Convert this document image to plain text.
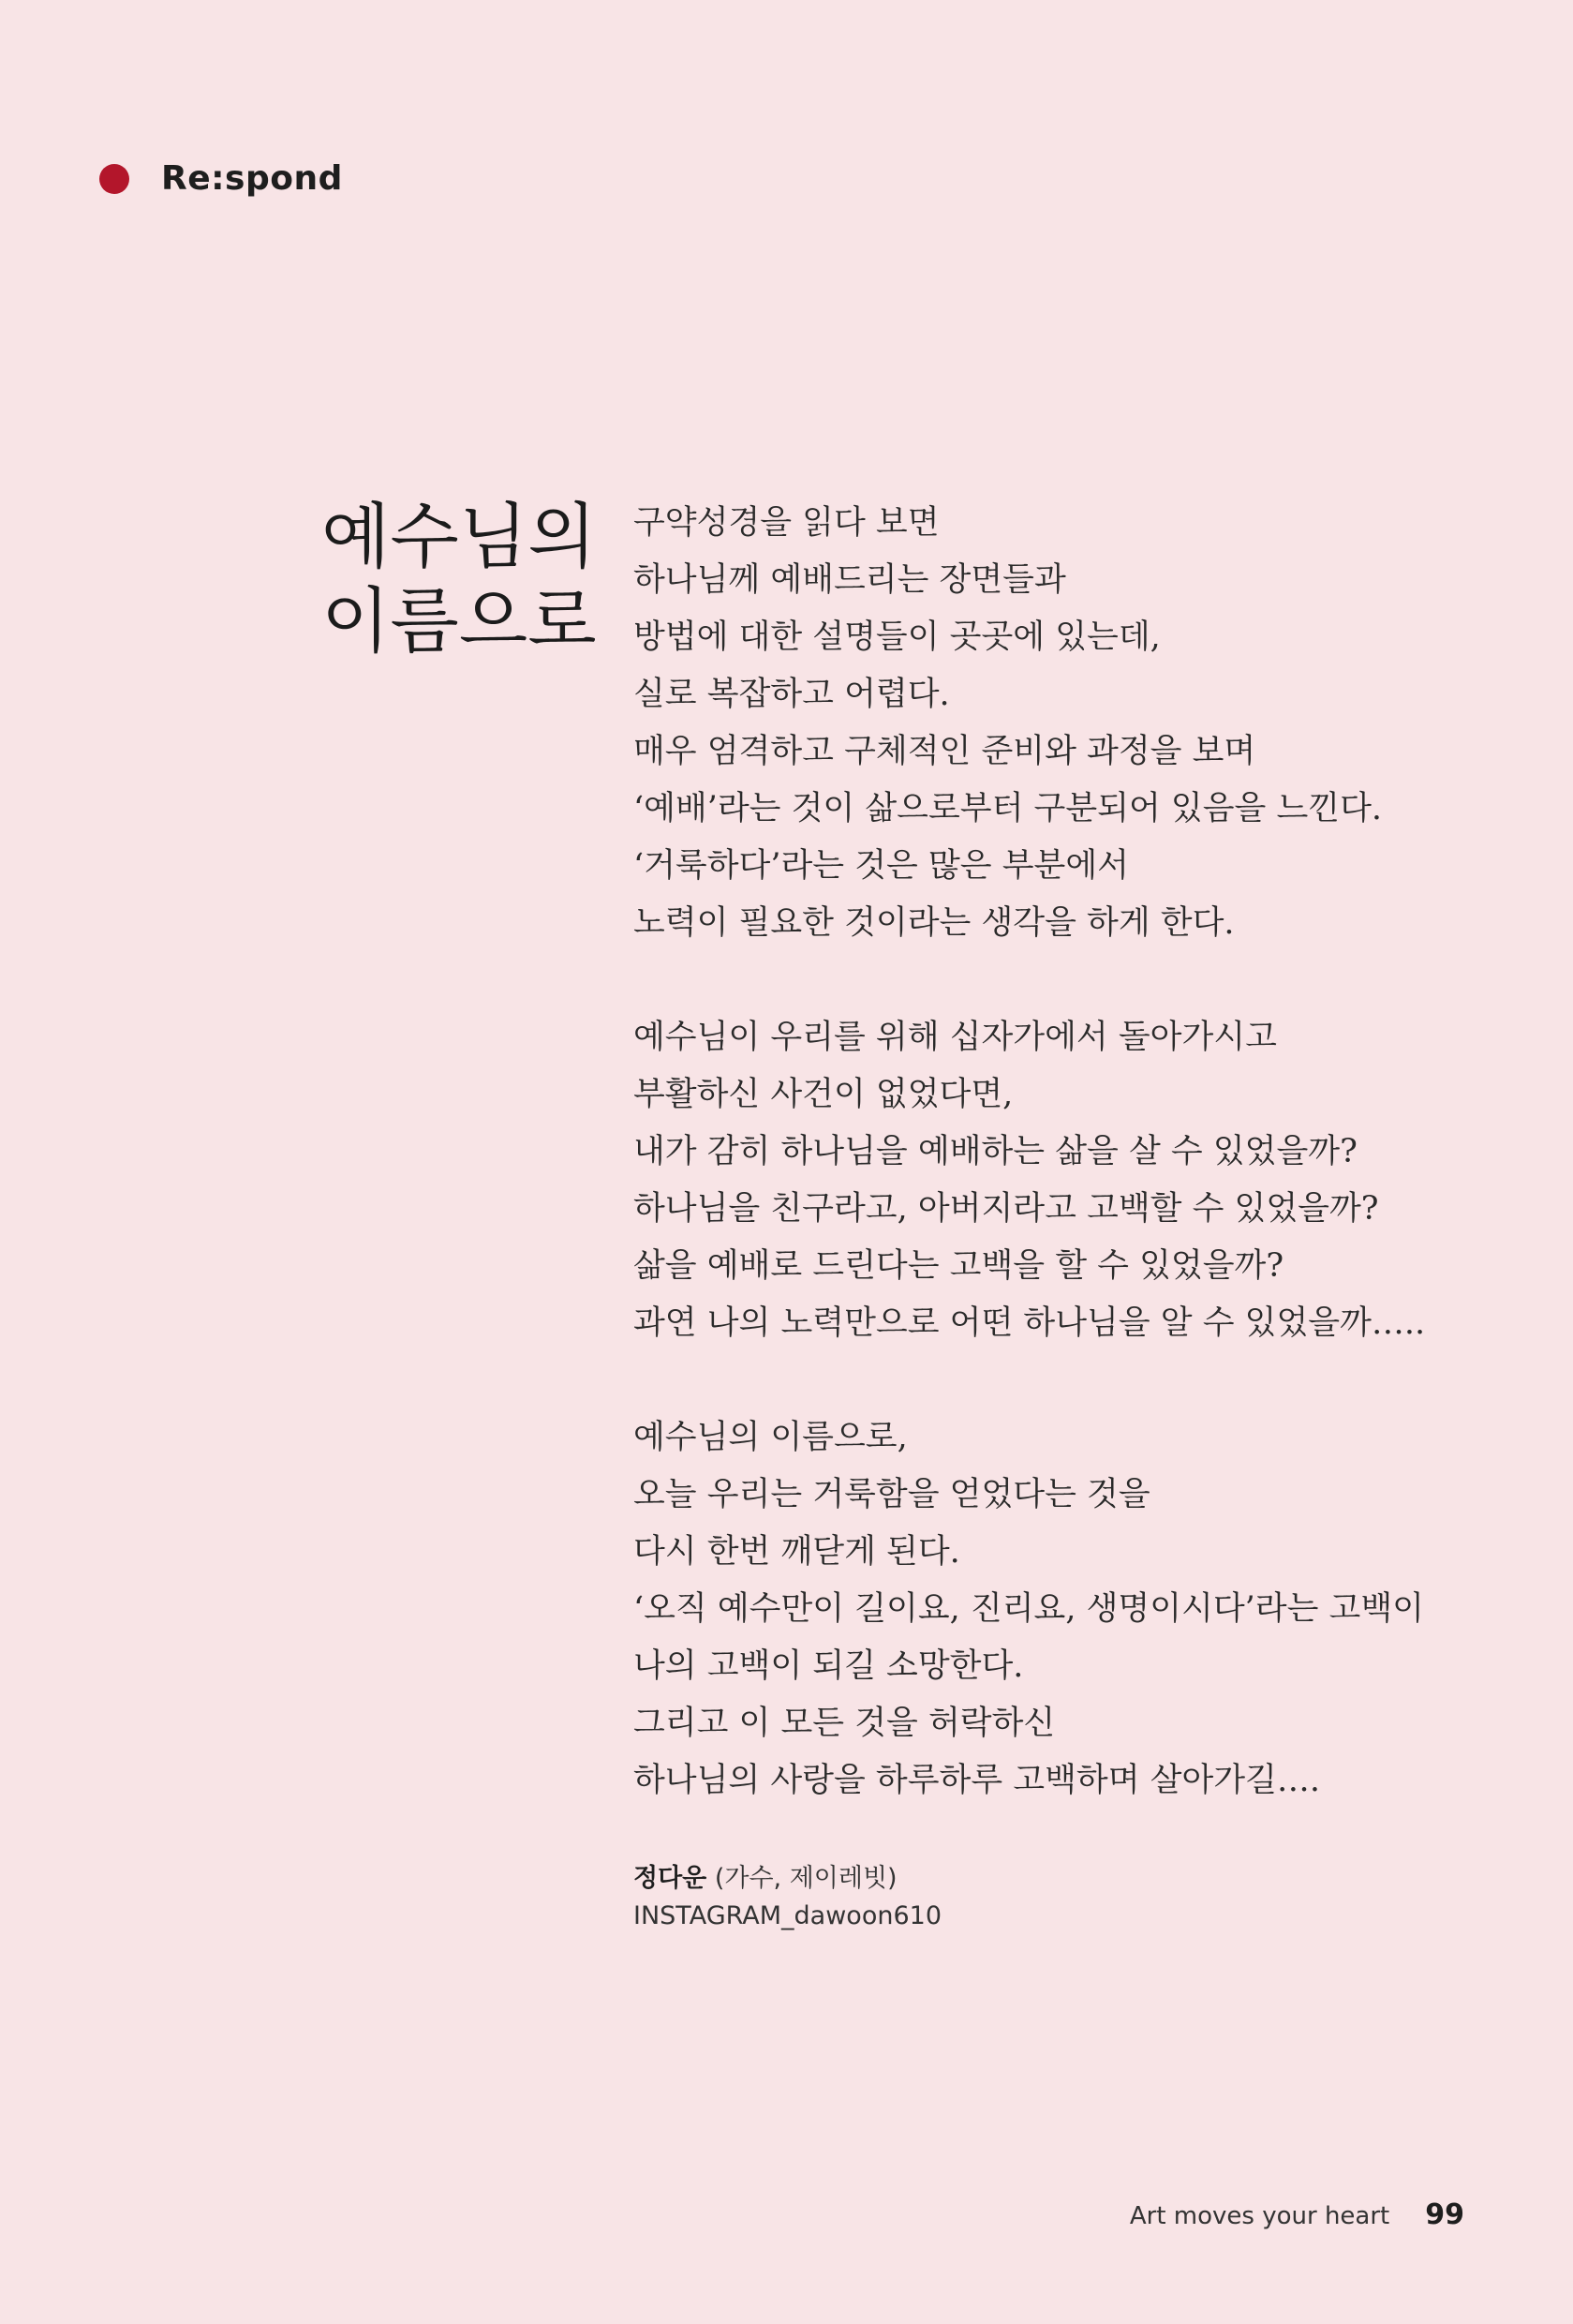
Re:spond
예수님의
이름으로
구약성경을 읽다 보면
하나님께 예배드리는 장면들과
방법에 대한 설명들이 곳곳에 있는데,
실로 복잡하고 어렵다.
매우 엄격하고 구체적인 준비와 과정을 보며
‘예배’라는 것이 삶으로부터 구분되어 있음을 느낀다.
‘거룩하다’라는 것은 많은 부분에서
노력이 필요한 것이라는 생각을 하게 한다.
예수님이 우리를 위해 십자가에서 돌아가시고
부활하신 사건이 없었다면,
내가 감히 하나님을 예배하는 삶을 살 수 있었을까?
하나님을 친구라고, 아버지라고 고백할 수 있었을까?
삶을 예배로 드린다는 고백을 할 수 있었을까?
과연 나의 노력만으로 어떤 하나님을 알 수 있었을까…..
예수님의 이름으로,
오늘 우리는 거룩함을 얻었다는 것을
다시 한번 깨닫게 된다.
‘오직 예수만이 길이요, 진리요, 생명이시다’라는 고백이
나의 고백이 되길 소망한다.
그리고 이 모든 것을 허락하신
하나님의 사랑을 하루하루 고백하며 살아가길….
정다운 (가수, 제이레빗)
INSTAGRAM_dawoon610
Art moves your heart 99
